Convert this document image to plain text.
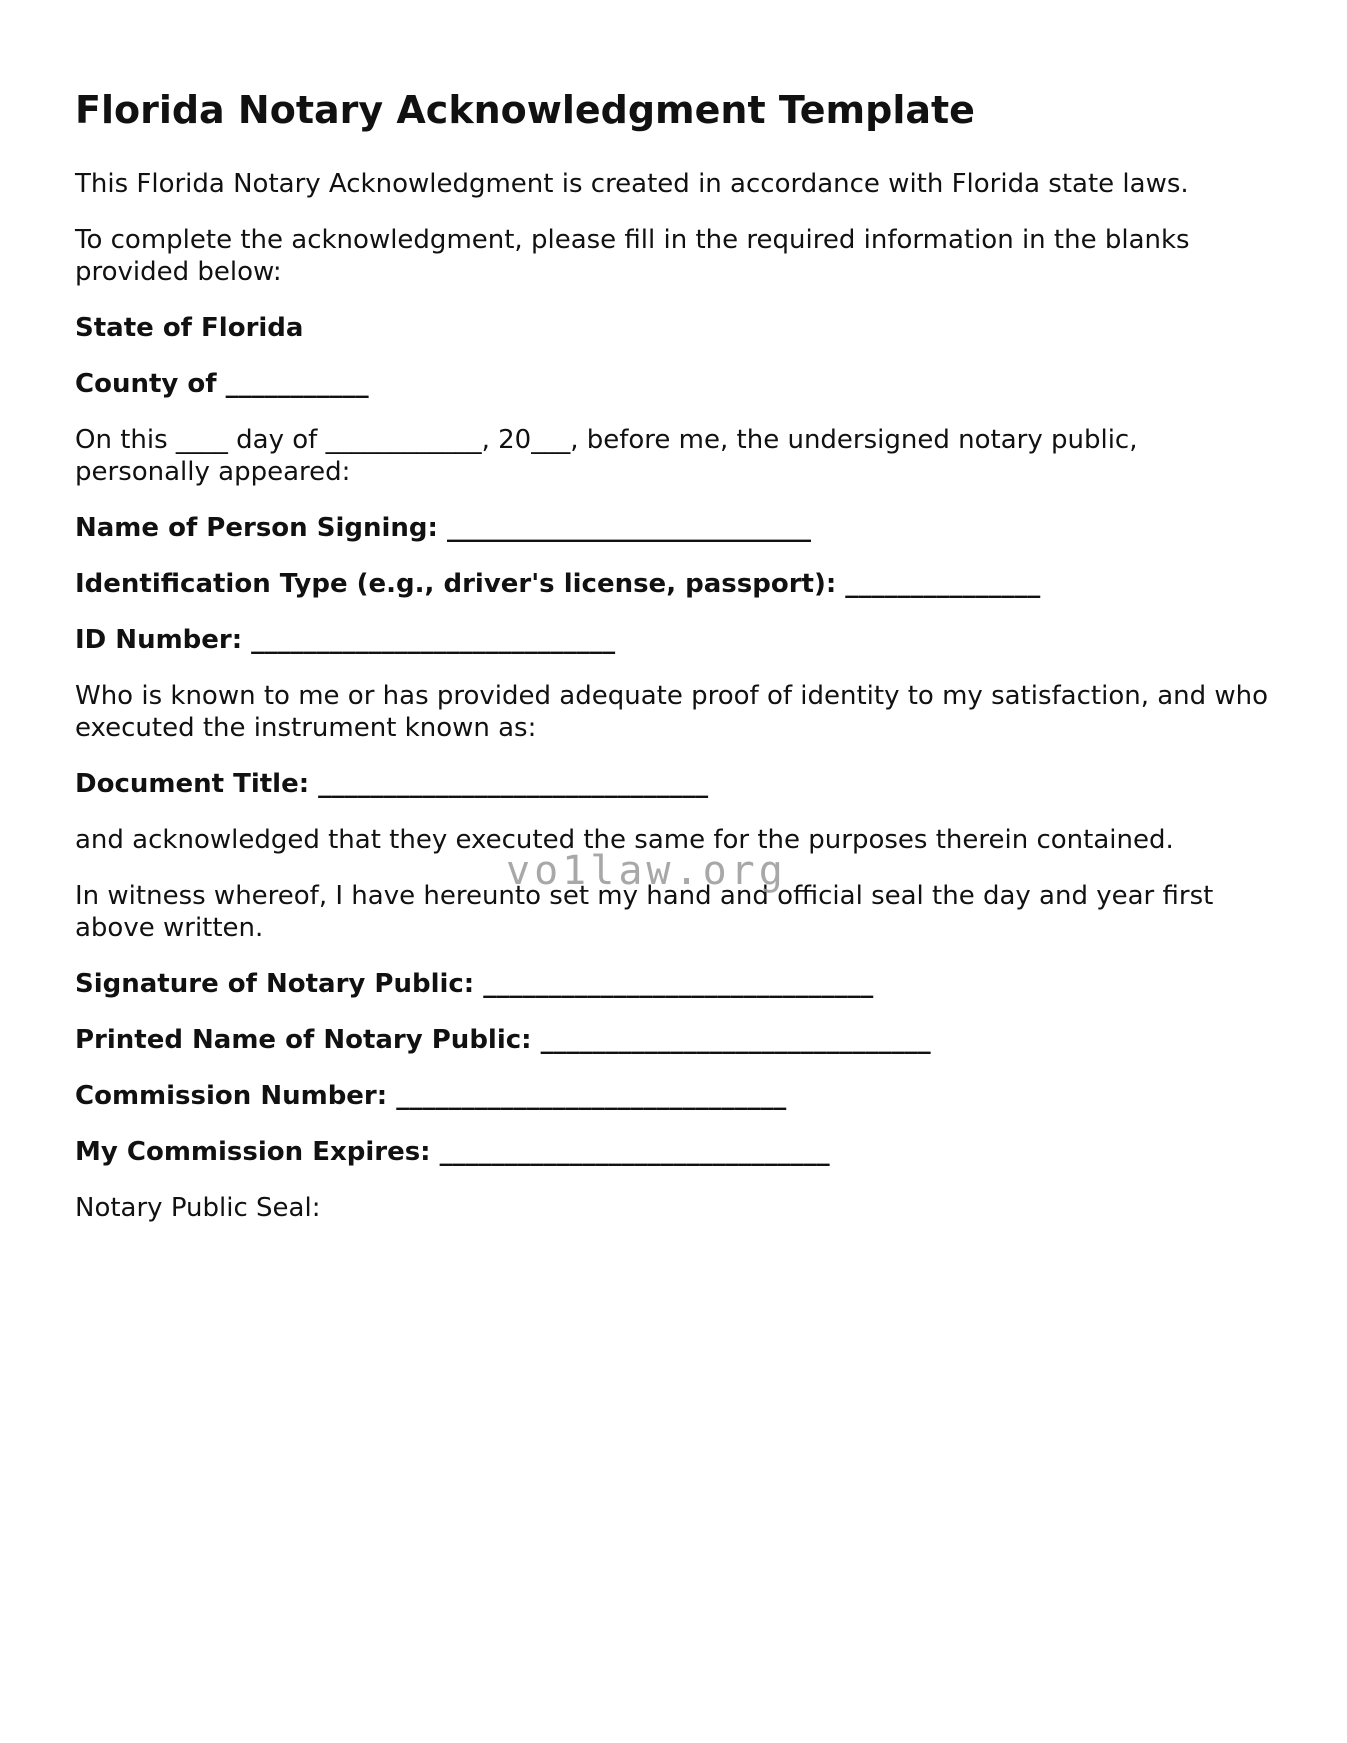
Florida Notary Acknowledgment Template

This Florida Notary Acknowledgment is created in accordance with Florida state laws.

To complete the acknowledgment, please fill in the required information in the blanks provided below:

State of Florida

County of ___________

On this ____ day of ____________, 20___, before me, the undersigned notary public, personally appeared:

Name of Person Signing: ____________________________

Identification Type (e.g., driver's license, passport): _______________

ID Number: ____________________________

Who is known to me or has provided adequate proof of identity to my satisfaction, and who executed the instrument known as:

Document Title: ______________________________

and acknowledged that they executed the same for the purposes therein contained.

In witness whereof, I have hereunto set my hand and official seal the day and year first above written.

Signature of Notary Public: ______________________________

Printed Name of Notary Public: ______________________________

Commission Number: ______________________________

My Commission Expires: ______________________________

Notary Public Seal:

vo1law.org
